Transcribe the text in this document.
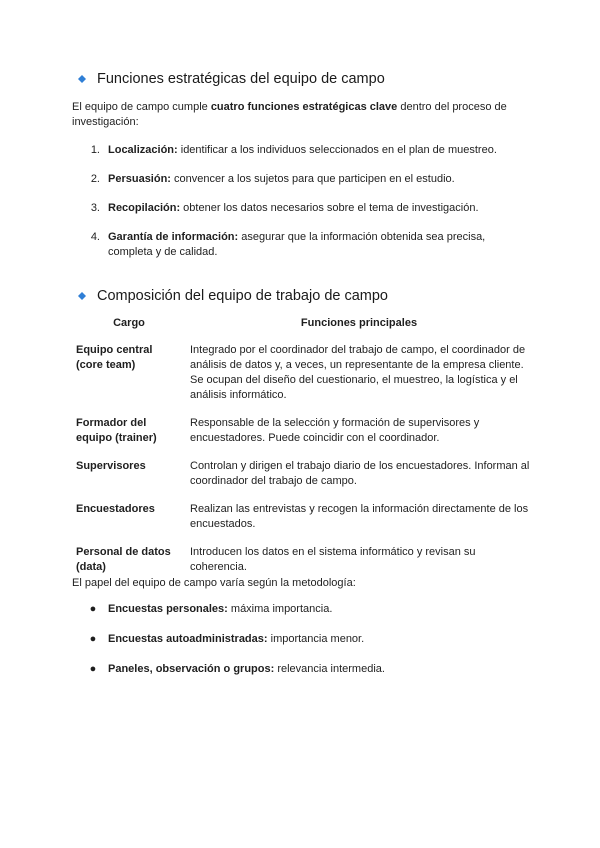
Funciones estratégicas del equipo de campo
El equipo de campo cumple cuatro funciones estratégicas clave dentro del proceso de investigación:
1. Localización: identificar a los individuos seleccionados en el plan de muestreo.
2. Persuasión: convencer a los sujetos para que participen en el estudio.
3. Recopilación: obtener los datos necesarios sobre el tema de investigación.
4. Garantía de información: asegurar que la información obtenida sea precisa, completa y de calidad.
Composición del equipo de trabajo de campo
Cargo	Funciones principales
Equipo central (core team)	Integrado por el coordinador del trabajo de campo, el coordinador de análisis de datos y, a veces, un representante de la empresa cliente. Se ocupan del diseño del cuestionario, el muestreo, la logística y el análisis informático.
Formador del equipo (trainer)	Responsable de la selección y formación de supervisores y encuestadores. Puede coincidir con el coordinador.
Supervisores	Controlan y dirigen el trabajo diario de los encuestadores. Informan al coordinador del trabajo de campo.
Encuestadores	Realizan las entrevistas y recogen la información directamente de los encuestados.
Personal de datos (data)	Introducen los datos en el sistema informático y revisan su coherencia.
El papel del equipo de campo varía según la metodología:
●	Encuestas personales: máxima importancia.
●	Encuestas autoadministradas: importancia menor.
●	Paneles, observación o grupos: relevancia intermedia.
